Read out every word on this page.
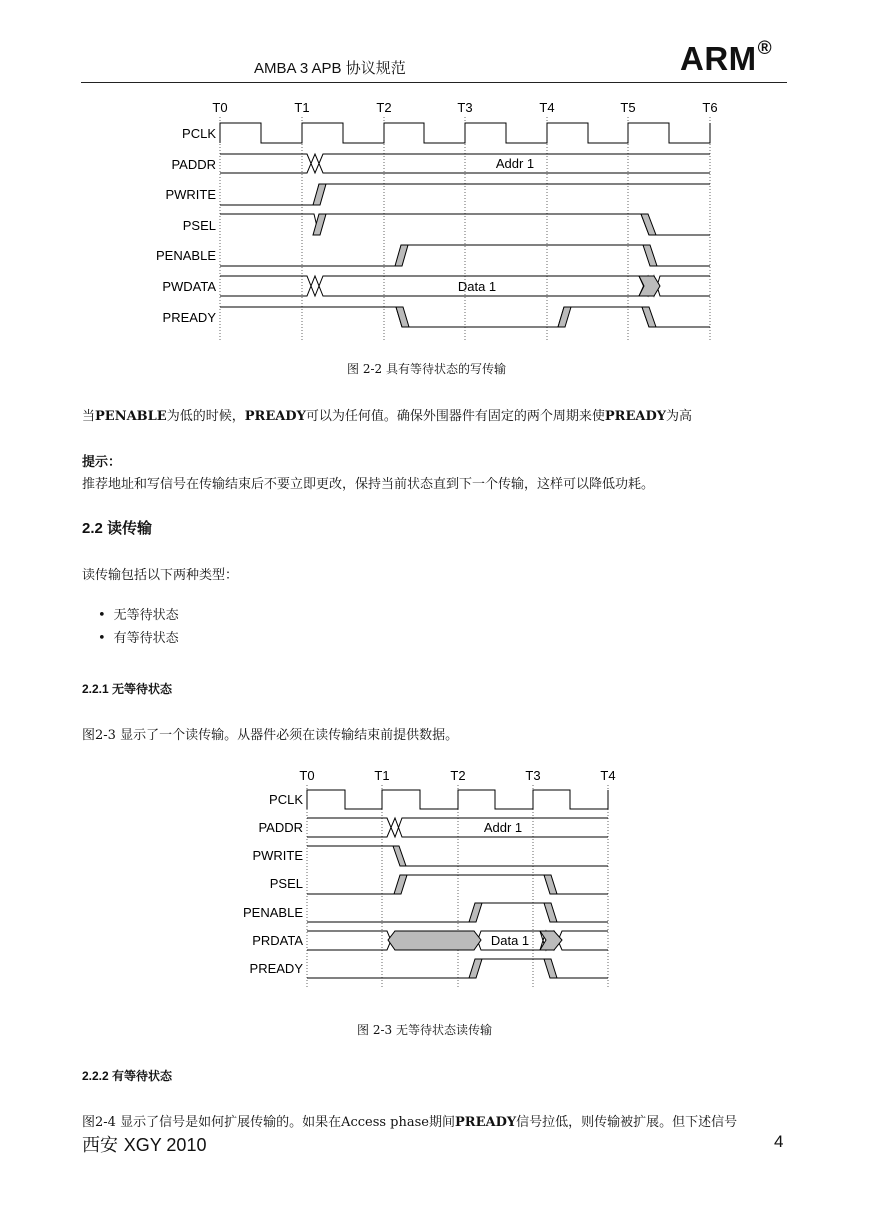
AMBA 3 APB 协议规范	ARM®
T0	T1	T2	T3	T4	T5	T6
PCLK
PADDR
PWRITE
PSEL
PENABLE
PWDATA
PREADY
Addr 1
Data 1
图 2-2 具有等待状态的写传输
当PENABLE为低的时候，PREADY可以为任何值。确保外围器件有固定的两个周期来使PREADY为高
提示：
推荐地址和写信号在传输结束后不要立即更改，保持当前状态直到下一个传输，这样可以降低功耗。
2.2 读传输
读传输包括以下两种类型：
• 无等待状态
• 有等待状态
2.2.1 无等待状态
图2-3 显示了一个读传输。从器件必须在读传输结束前提供数据。
T0	T1	T2	T3	T4
PCLK
PADDR
PWRITE
PSEL
PENABLE
PRDATA
PREADY
Addr 1
Data 1
图 2-3 无等待状态读传输
2.2.2 有等待状态
图2-4 显示了信号是如何扩展传输的。如果在Access phase期间PREADY信号拉低，则传输被扩展。但下述信号
西安 XGY 2010	4
